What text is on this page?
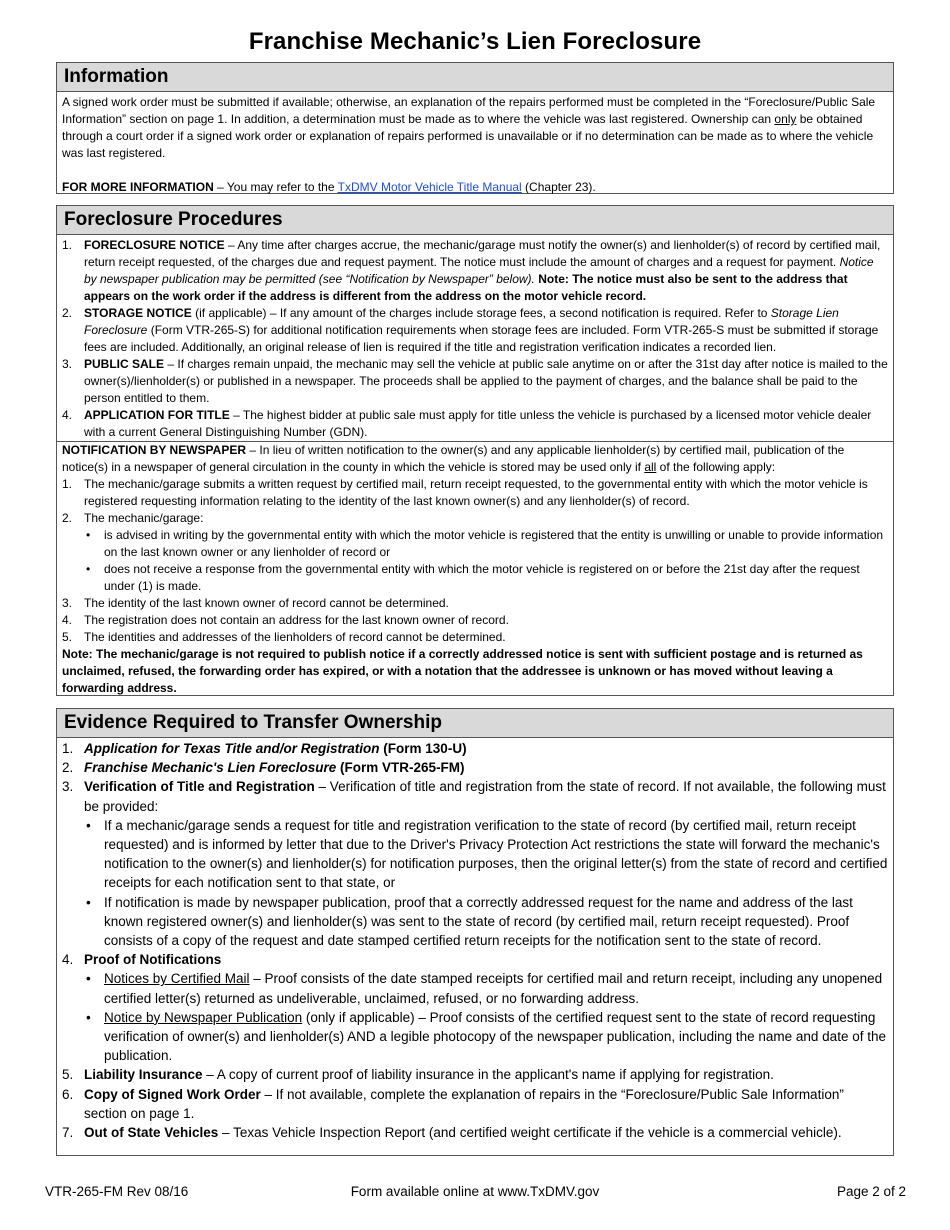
Franchise Mechanic’s Lien Foreclosure
Information

A signed work order must be submitted if available; otherwise, an explanation of the repairs performed must be completed in the “Foreclosure/Public Sale Information” section on page 1. In addition, a determination must be made as to where the vehicle was last registered. Ownership can only be obtained through a court order if a signed work order or explanation of repairs performed is unavailable or if no determination can be made as to where the vehicle was last registered.

FOR MORE INFORMATION – You may refer to the TxDMV Motor Vehicle Title Manual (Chapter 23).

Foreclosure Procedures
1. FORECLOSURE NOTICE – Any time after charges accrue, the mechanic/garage must notify the owner(s) and lienholder(s) of record by certified mail, return receipt requested, of the charges due and request payment. The notice must include the amount of charges and a request for payment. Notice by newspaper publication may be permitted (see “Notification by Newspaper” below). Note: The notice must also be sent to the address that appears on the work order if the address is different from the address on the motor vehicle record.
2. STORAGE NOTICE (if applicable) – If any amount of the charges include storage fees, a second notification is required. Refer to Storage Lien Foreclosure (Form VTR-265-S) for additional notification requirements when storage fees are included. Form VTR-265-S must be submitted if storage fees are included. Additionally, an original release of lien is required if the title and registration verification indicates a recorded lien.
3. PUBLIC SALE – If charges remain unpaid, the mechanic may sell the vehicle at public sale anytime on or after the 31st day after notice is mailed to the owner(s)/lienholder(s) or published in a newspaper. The proceeds shall be applied to the payment of charges, and the balance shall be paid to the person entitled to them.
4. APPLICATION FOR TITLE – The highest bidder at public sale must apply for title unless the vehicle is purchased by a licensed motor vehicle dealer with a current General Distinguishing Number (GDN).

NOTIFICATION BY NEWSPAPER – In lieu of written notification to the owner(s) and any applicable lienholder(s) by certified mail, publication of the notice(s) in a newspaper of general circulation in the county in which the vehicle is stored may be used only if all of the following apply:

1. The mechanic/garage submits a written request by certified mail, return receipt requested, to the governmental entity with which the motor vehicle is registered requesting information relating to the identity of the last known owner(s) and any lienholder(s) of record.
2. The mechanic/garage:
• is advised in writing by the governmental entity with which the motor vehicle is registered that the entity is unwilling or unable to provide information on the last known owner or any lienholder of record or
• does not receive a response from the governmental entity with which the motor vehicle is registered on or before the 21st day after the request under (1) is made.
3. The identity of the last known owner of record cannot be determined.
4. The registration does not contain an address for the last known owner of record.
5. The identities and addresses of the lienholders of record cannot be determined.

Note: The mechanic/garage is not required to publish notice if a correctly addressed notice is sent with sufficient postage and is returned as unclaimed, refused, the forwarding order has expired, or with a notation that the addressee is unknown or has moved without leaving a forwarding address.

Evidence Required to Transfer Ownership
1. Application for Texas Title and/or Registration (Form 130-U)
2. Franchise Mechanic's Lien Foreclosure (Form VTR-265-FM)
3. Verification of Title and Registration – Verification of title and registration from the state of record. If not available, the following must be provided:
• If a mechanic/garage sends a request for title and registration verification to the state of record (by certified mail, return receipt requested) and is informed by letter that due to the Driver's Privacy Protection Act restrictions the state will forward the mechanic's notification to the owner(s) and lienholder(s) for notification purposes, then the original letter(s) from the state of record and certified receipts for each notification sent to that state, or
• If notification is made by newspaper publication, proof that a correctly addressed request for the name and address of the last known registered owner(s) and lienholder(s) was sent to the state of record (by certified mail, return receipt requested). Proof consists of a copy of the request and date stamped certified return receipts for the notification sent to the state of record.
4. Proof of Notifications
• Notices by Certified Mail – Proof consists of the date stamped receipts for certified mail and return receipt, including any unopened certified letter(s) returned as undeliverable, unclaimed, refused, or no forwarding address.
• Notice by Newspaper Publication (only if applicable) – Proof consists of the certified request sent to the state of record requesting verification of owner(s) and lienholder(s) AND a legible photocopy of the newspaper publication, including the name and date of the publication.
5. Liability Insurance – A copy of current proof of liability insurance in the applicant's name if applying for registration.
6. Copy of Signed Work Order – If not available, complete the explanation of repairs in the “Foreclosure/Public Sale Information” section on page 1.
7. Out of State Vehicles – Texas Vehicle Inspection Report (and certified weight certificate if the vehicle is a commercial vehicle).
VTR-265-FM Rev 08/16	Form available online at www.TxDMV.gov	Page 2 of 2
